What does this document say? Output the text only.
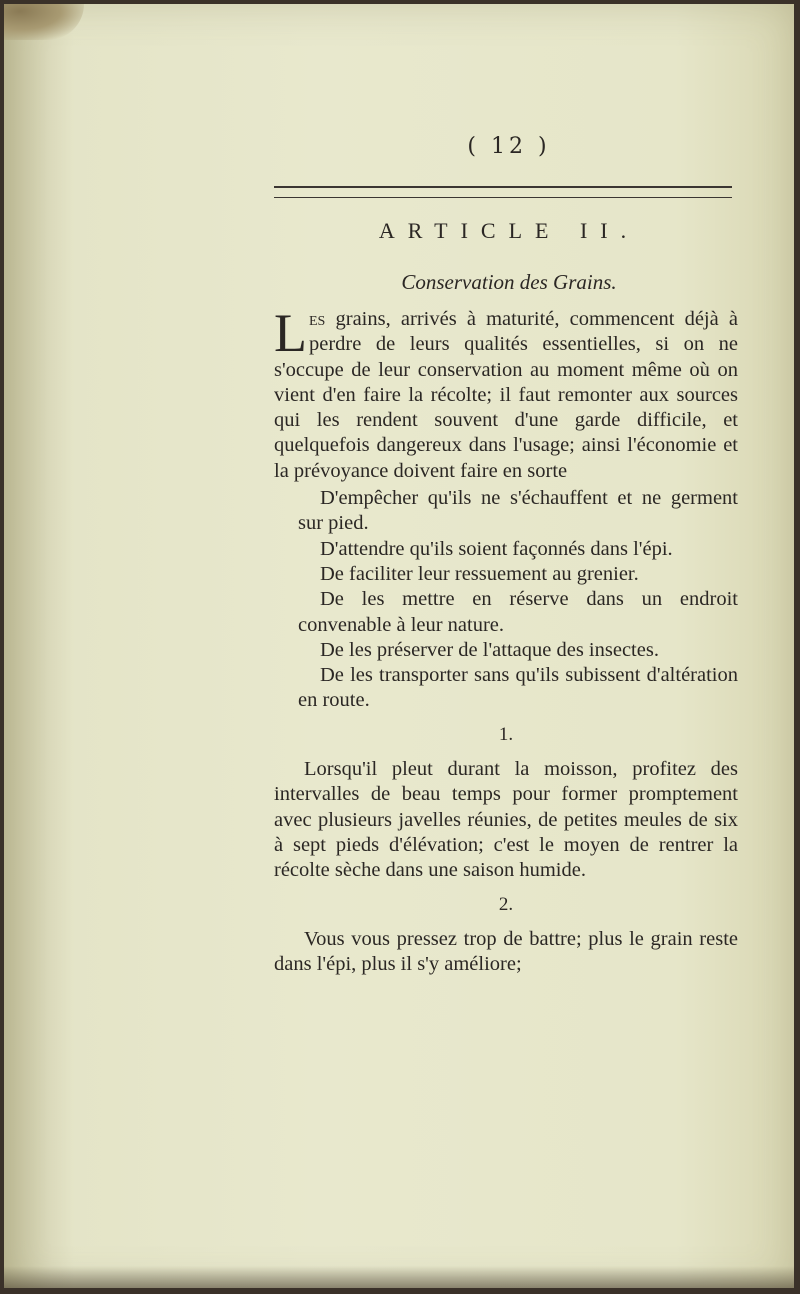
( 12 )
ARTICLE II.
Conservation des Grains.

Les grains, arrivés à maturité, commencent déjà à perdre de leurs qualités essentielles, si on ne s'occupe de leur conservation au moment même où on vient d'en faire la récolte; il faut remonter aux sources qui les rendent souvent d'une garde difficile, et quelquefois dangereux dans l'usage; ainsi l'économie et la prévoyance doivent faire en sorte

D'empêcher qu'ils ne s'échauffent et ne germent sur pied.

D'attendre qu'ils soient façonnés dans l'épi.

De faciliter leur ressuement au grenier.

De les mettre en réserve dans un endroit convenable à leur nature.

De les préserver de l'attaque des insectes.

De les transporter sans qu'ils subissent d'altération en route.

1.

Lorsqu'il pleut durant la moisson, profitez des intervalles de beau temps pour former promptement avec plusieurs javelles réunies, de petites meules de six à sept pieds d'élévation; c'est le moyen de rentrer la récolte sèche dans une saison humide.

2.

Vous vous pressez trop de battre; plus le grain reste dans l'épi, plus il s'y améliore;
